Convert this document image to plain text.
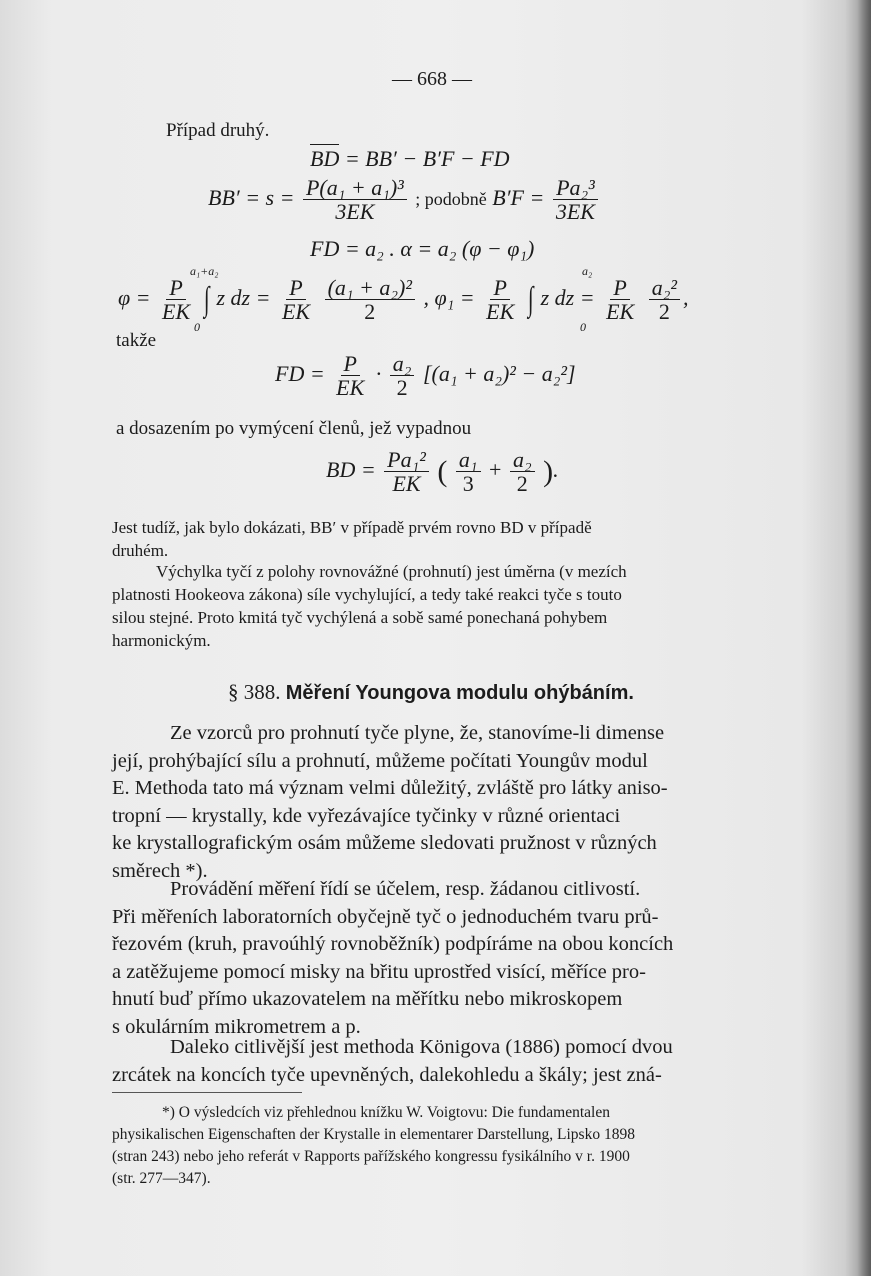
— 668 —
Případ druhý.
BD = BB′ − B′F − FD
$BB' = s = \frac{\text{P(a₁ + a₁)³}}{3EK}$ ; podobně $B'F = \frac{\text{Pa₂³}}{3EK}$
FD = a₂ . α = a₂ (φ − φ₁)
a₁+a₂
0
a₂
0
$\varphi = \frac{P}{EK}$ ∫ z dz = $\frac{P}{EK}$
$\frac{\text{(a₁ + a₂)²}}{2}$ , $\varphi_1 = \frac{P}{EK}$ ∫ z dz = $\frac{P}{EK}$
$\frac{\text{a₂²}}{2}$ ,
takže
FD = $\frac{P}{EK} \cdot \frac{\text{a₂}}{2} [(a_1 + a_2)^2 - a_2^2]$
a dosazením po vymýcení členů, jež vypadnou
BD = $\frac{\text{Pa₁²}}{EK}$ ( $\frac{\text{a₁}}{3} + \frac{\text{a₂}}{2}$ ).
Jest tudíž, jak bylo dokázati, BB′ v případě prvém rovno BD v případě
druhém.
Výchylka tyčí z polohy rovnovážné (prohnutí) jest úměrna (v mezích
platnosti Hookeova zákona) síle vychylující, a tedy také reakci tyče s touto
silou stejné. Proto kmitá tyč vychýlená a sobě samé ponechaná pohybem
harmonickým.
§ 388. Měření Youngova modulu ohýbáním.
Ze vzorců pro prohnutí tyče plyne, že, stanovíme-li dimense
její, prohýbající sílu a prohnutí, můžeme počítati Youngův modul
E. Methoda tato má význam velmi důležitý, zvláště pro látky aniso-
tropní — krystally, kde vyřezávajíce tyčinky v různé orientaci
ke krystallografickým osám můžeme sledovati pružnost v různých
směrech *).
Provádění měření řídí se účelem, resp. žádanou citlivostí.
Při měřeních laboratorních obyčejně tyč o jednoduchém tvaru prů-
řezovém (kruh, pravoúhlý rovnoběžník) podpíráme na obou koncích
a zatěžujeme pomocí misky na břitu uprostřed visící, měříce pro-
hnutí buď přímo ukazovatelem na měřítku nebo mikroskopem
s okulárním mikrometrem a p.
Daleko citlivější jest methoda Königova (1886) pomocí dvou
zrcátek na koncích tyče upevněných, dalekohledu a škály; jest zná-
*) O výsledcích viz přehlednou knížku W. Voigtovu: Die fundamentalen
physikalischen Eigenschaften der Krystalle in elementarer Darstellung, Lipsko 1898
(stran 243) nebo jeho referát v Rapports pařížského kongressu fysikálního v r. 1900
(str. 277—347).
